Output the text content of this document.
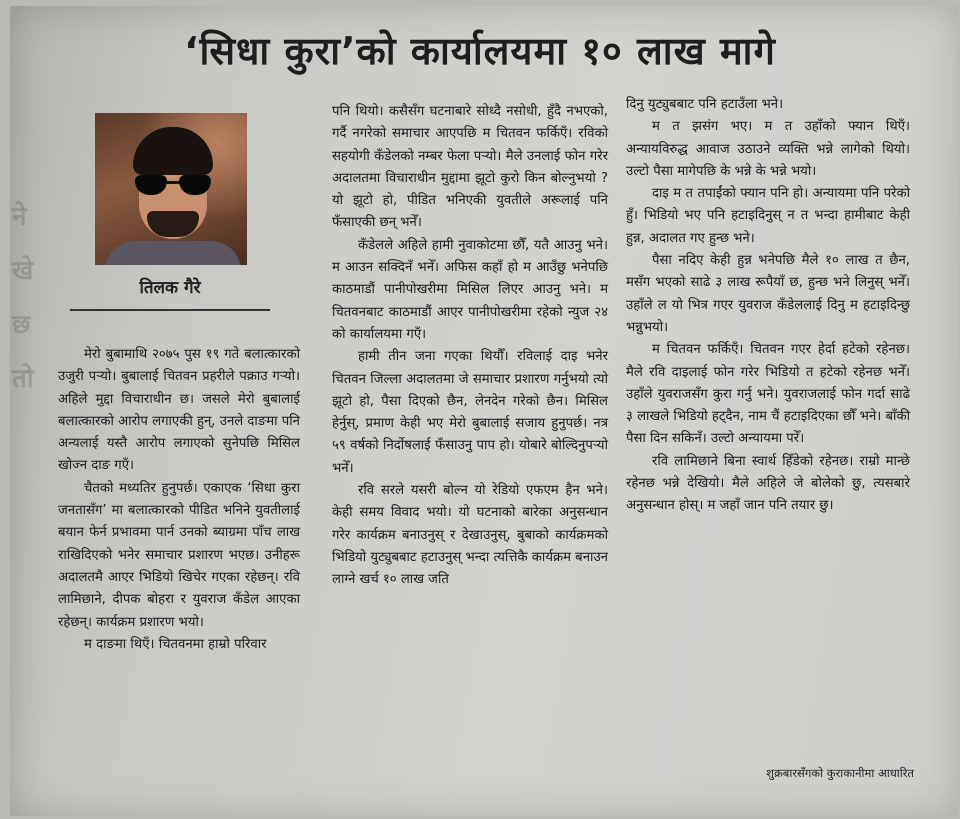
ने
खे
छ
तो
‘सिधा कुरा’को कार्यालयमा १० लाख मागे
तिलक गैरे

मेरो बुबामाथि २०७५ पुस १९ गते बलात्कारको उजुरी पर्‍यो। बुबालाई चितवन प्रहरीले पक्राउ गर्‍यो। अहिले मुद्दा विचाराधीन छ। जसले मेरो बुबालाई बलात्कारको आरोप लगाएकी हुन्, उनले दाङमा पनि अन्यलाई यस्तै आरोप लगाएको सुनेपछि मिसिल खोज्न दाङ गएँ।

चैतको मध्यतिर हुनुपर्छ। एकाएक ‘सिधा कुरा जनतासँग’ मा बलात्कारको पीडित भनिने युवतीलाई बयान फेर्न प्रभावमा पार्न उनको ब्याग्रमा पाँच लाख राखिदिएको भनेर समाचार प्रशारण भएछ। उनीहरू अदालतमै आएर भिडियो खिचेर गएका रहेछन्। रवि लामिछाने, दीपक बोहरा र युवराज कँडेल आएका रहेछन्। कार्यक्रम प्रशारण भयो।

म दाङमा थिएँ। चितवनमा हाम्रो परिवार

पनि थियो। कसैसँग घटनाबारे सोध्दै नसोधी, हुँदै नभएको, गर्दै नगरेको समाचार आएपछि म चितवन फर्किएँ। रविको सहयोगी कँडेलको नम्बर फेला पर्‍यो। मैले उनलाई फोन गरेर अदालतमा विचाराधीन मुद्दामा झूटो कुरो किन बोल्नुभयो ? यो झूटो हो, पीडित भनिएकी युवतीले अरूलाई पनि फँसाएकी छन् भनेँ।

कँडेलले अहिले हामी नुवाकोटमा छौँ, यतै आउनु भने। म आउन सक्दिनँ भनेँ। अफिस कहाँ हो म आउँछु भनेपछि काठमाडौं पानीपोखरीमा मिसिल लिएर आउनु भने। म चितवनबाट काठमाडौं आएर पानीपोखरीमा रहेको न्युज २४ को कार्यालयमा गएँ।

हामी तीन जना गएका थियौँ। रविलाई दाइ भनेर चितवन जिल्ला अदालतमा जे समाचार प्रशारण गर्नुभयो त्यो झूटो हो, पैसा दिएको छैन, लेनदेन गरेको छैन। मिसिल हेर्नुस्, प्रमाण केही भए मेरो बुबालाई सजाय हुनुपर्छ। नत्र ५९ वर्षको निर्दोषलाई फँसाउनु पाप हो। योबारे बोल्दिनुपर्‍यो भनेँ।

रवि सरले यसरी बोल्न यो रेडियो एफएम हैन भने। केही समय विवाद भयो। यो घटनाको बारेका अनुसन्धान गरेर कार्यक्रम बनाउनुस् र देखाउनुस्, बुबाको कार्यक्रमको भिडियो युट्युबबाट हटाउनुस् भन्दा त्यत्तिकै कार्यक्रम बनाउन लाग्ने खर्च १० लाख जति

दिनु युट्युबबाट पनि हटाउँला भने।

म त झसंग भए। म त उहाँको फ्यान थिएँ। अन्यायविरुद्ध आवाज उठाउने व्यक्ति भन्ने लागेको थियो। उल्टो पैसा मागेपछि के भन्ने के भन्ने भयो।

दाइ म त तपाईंको फ्यान पनि हो। अन्यायमा पनि परेको हुँ। भिडियो भए पनि हटाइदिनुस् न त भन्दा हामीबाट केही हुन्न, अदालत गए हुन्छ भने।

पैसा नदिए केही हुन्न भनेपछि मैले १० लाख त छैन, मसँग भएको साढे ३ लाख रूपैयाँ छ, हुन्छ भने लिनुस् भनेँ। उहाँले ल यो भित्र गएर युवराज कँडेललाई दिनु म हटाइदिन्छु भन्नुभयो।

म चितवन फर्किएँ। चितवन गएर हेर्दा हटेको रहेनछ। मैले रवि दाइलाई फोन गरेर भिडियो त हटेको रहेनछ भनेँ। उहाँले युवराजसँग कुरा गर्नु भने। युवराजलाई फोन गर्दा साढे ३ लाखले भिडियो हट्दैन, नाम चैं हटाइदिएका छौँ भने। बाँकी पैसा दिन सकिनँ। उल्टो अन्यायमा परेँ।

रवि लामिछाने बिना स्वार्थ हिँडेको रहेनछ। राम्रो मान्छे रहेनछ भन्ने देखियो। मैले अहिले जे बोलेको छु, त्यसबारे अनुसन्धान होस्। म जहाँ जान पनि तयार छु।

शुक्रबारसँगको कुराकानीमा आधारित
